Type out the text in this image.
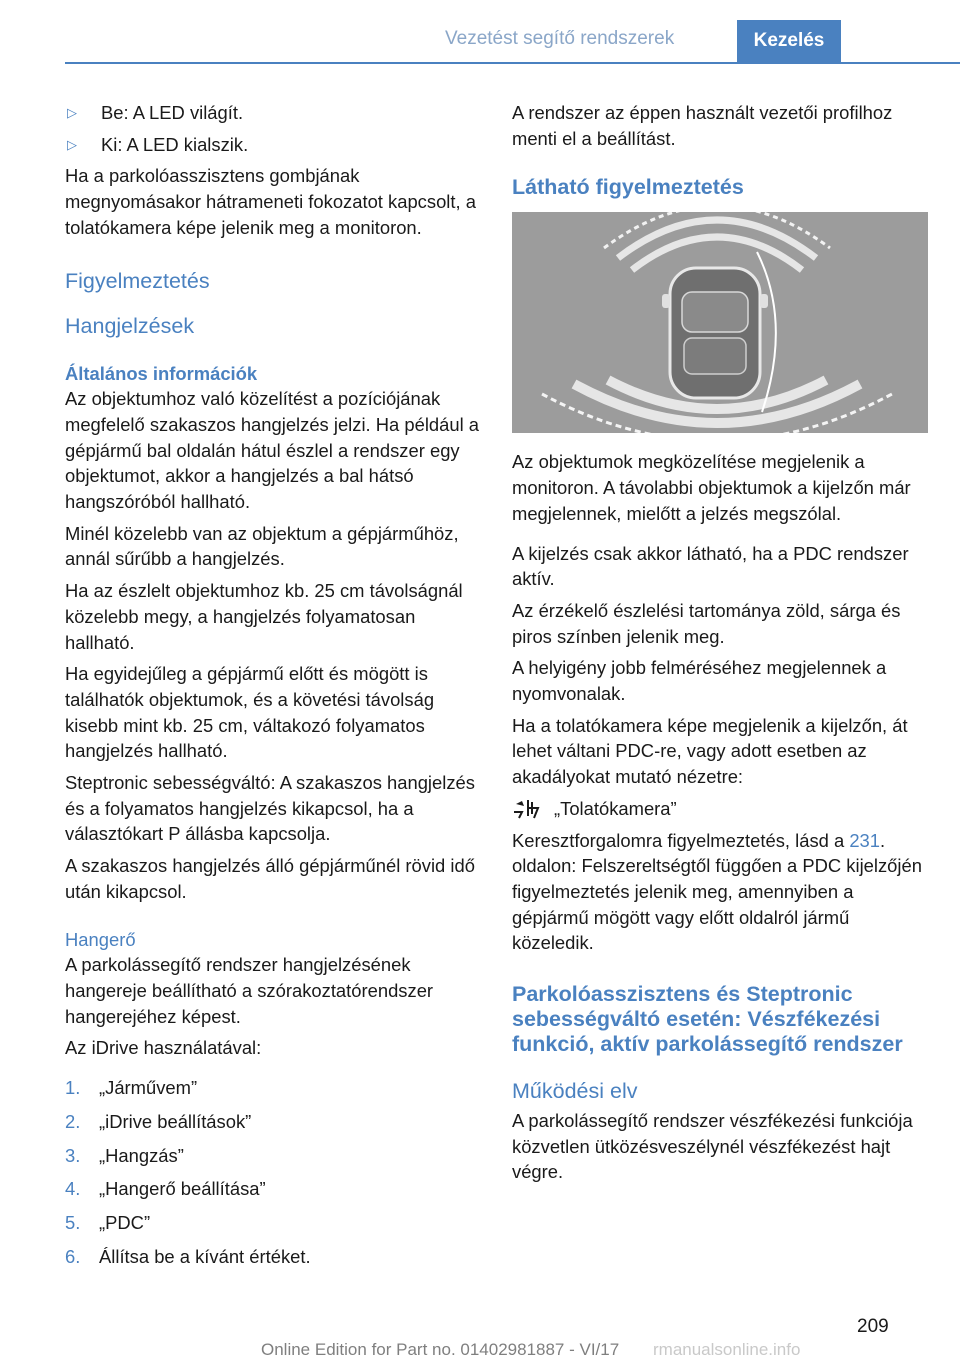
Vezetést segítő rendszerek	Kezelés
▷	Be: A LED világít.
▷	Ki: A LED kialszik.

Ha a parkolóasszisztens gombjának megnyomásakor hátrameneti fokozatot kapcsolt, a tolatókamera képe jelenik meg a monitoron.

Figyelmeztetés
Hangjelzések
Általános információk

Az objektumhoz való közelítést a pozíciójának megfelelő szakaszos hangjelzés jelzi. Ha például a gépjármű bal oldalán hátul észlel a rendszer egy objektumot, akkor a hangjelzés a bal hátsó hangszóróból hallható.

Minél közelebb van az objektum a gépjárműhöz, annál sűrűbb a hangjelzés.

Ha az észlelt objektumhoz kb. 25 cm távolságnál közelebb megy, a hangjelzés folyamatosan hallható.

Ha egyidejűleg a gépjármű előtt és mögött is találhatók objektumok, és a követési távolság kisebb mint kb. 25 cm, váltakozó folyamatos hangjelzés hallható.

Steptronic sebességváltó: A szakaszos hangjelzés és a folyamatos hangjelzés kikapcsol, ha a választókart P állásba kapcsolja.

A szakaszos hangjelzés álló gépjárműnél rövid idő után kikapcsol.

Hangerő

A parkolássegítő rendszer hangjelzésének hangereje beállítható a szórakoztatórendszer hangerejéhez képest.

Az iDrive használatával:

1.	„Járművem”
2.	„iDrive beállítások”
3.	„Hangzás”
4.	„Hangerő beállítása”
5.	„PDC”
6.	Állítsa be a kívánt értéket.

A rendszer az éppen használt vezetői profilhoz menti el a beállítást.

Látható figyelmeztetés

Az objektumok megközelítése megjelenik a monitoron. A távolabbi objektumok a kijelzőn már megjelennek, mielőtt a jelzés megszólal.

A kijelzés csak akkor látható, ha a PDC rendszer aktív.

Az érzékelő észlelési tartománya zöld, sárga és piros színben jelenik meg.

A helyigény jobb felméréséhez megjelennek a nyomvonalak.

Ha a tolatókamera képe megjelenik a kijelzőn, át lehet váltani PDC-re, vagy adott esetben az akadályokat mutató nézetre:

„Tolatókamera”

Keresztforgalomra figyelmeztetés, lásd a 231. oldalon: Felszereltségtől függően a PDC kijelzőjén figyelmeztetés jelenik meg, amennyiben a gépjármű mögött vagy előtt oldalról jármű közeledik.

Parkolóasszisztens és Steptronic sebességváltó esetén: Vészfékezési funkció, aktív parkolássegítő rendszer
Működési elv

A parkolássegítő rendszer vészfékezési funkciója közvetlen ütközésveszélynél vészfékezést hajt végre.

209
Online Edition for Part no. 01402981887 - VI/17 rmanualsonline.info
